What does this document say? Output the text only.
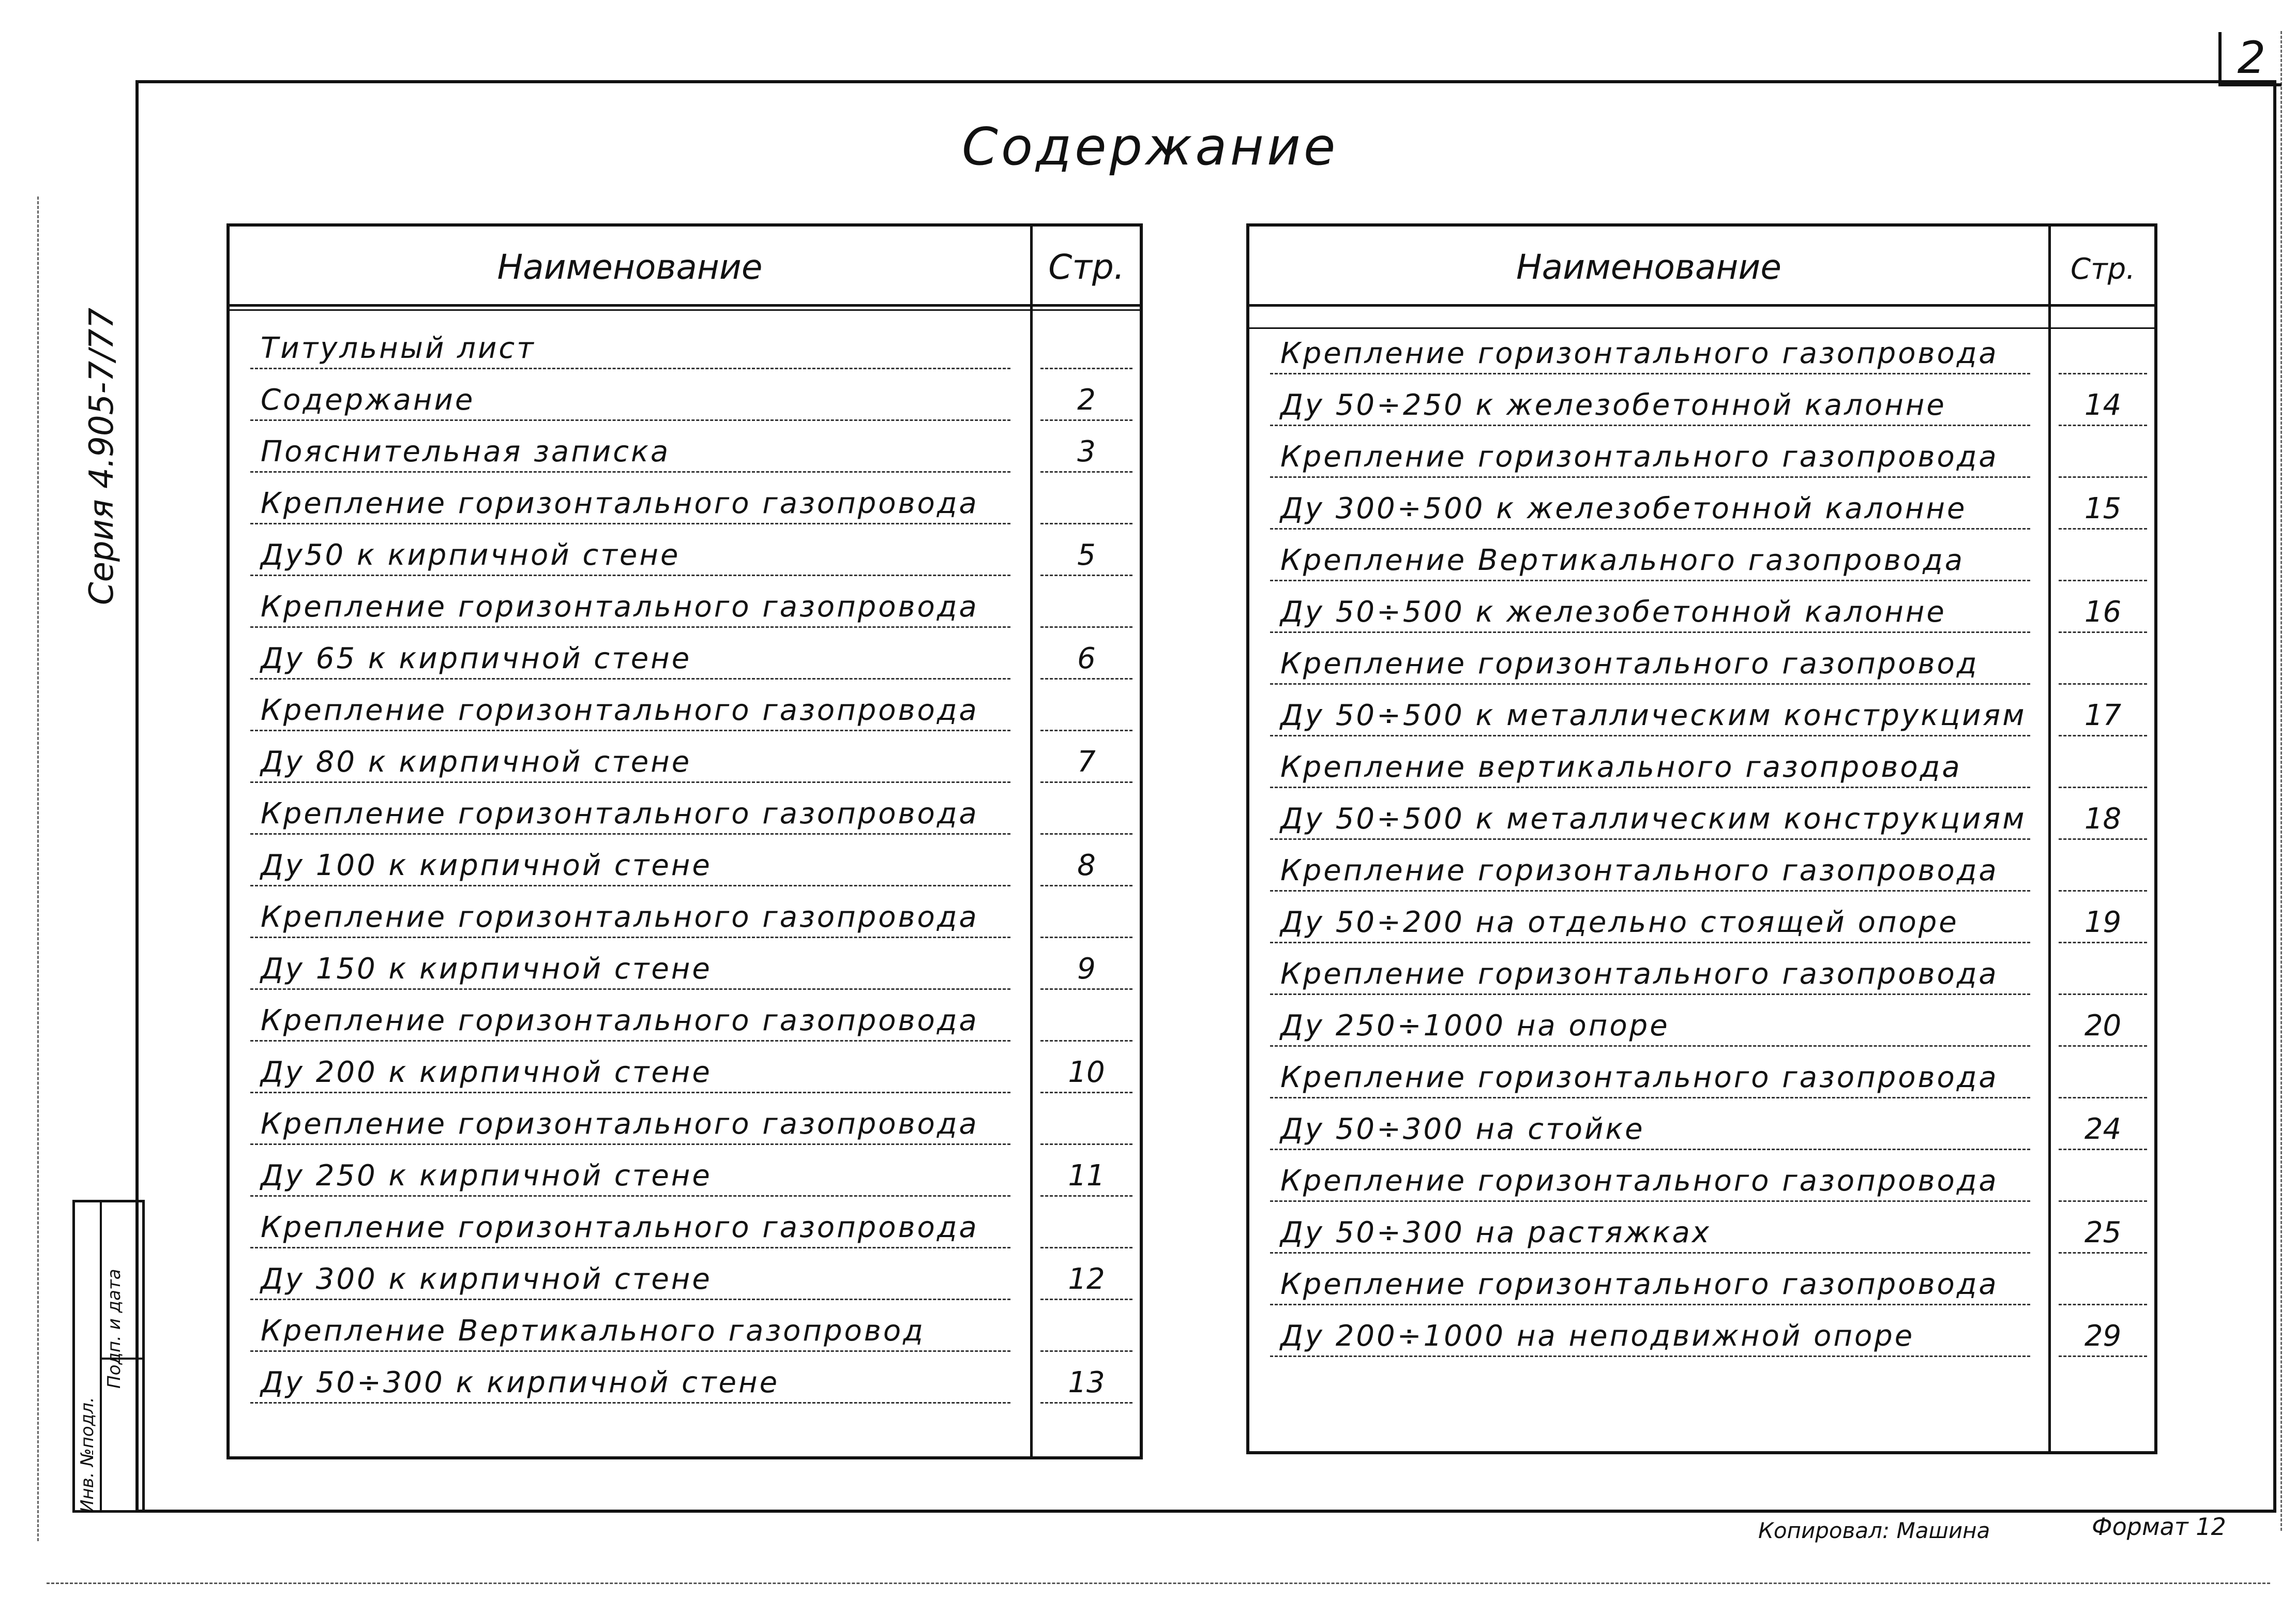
2
Содержание
Серия 4.905-7/77
Инв. №подл.
Подп. и дата
Наименование	Стр.
Титульный лист
Содержание	2
Пояснительная записка	3
Крепление горизонтального газопровода
Ду50 к кирпичной стене	5
Крепление горизонтального газопровода
Ду 65 к кирпичной стене	6
Крепление горизонтального газопровода
Ду 80 к кирпичной стене	7
Крепление горизонтального газопровода
Ду 100 к кирпичной стене	8
Крепление горизонтального газопровода
Ду 150 к кирпичной стене	9
Крепление горизонтального газопровода
Ду 200 к кирпичной стене	10
Крепление горизонтального газопровода
Ду 250 к кирпичной стене	11
Крепление горизонтального газопровода
Ду 300 к кирпичной стене	12
Крепление Вертикального газопровод
Ду 50÷300 к кирпичной стене	13
Наименование	Стр.
Крепление горизонтального газопровода
Ду 50÷250 к железобетонной калонне	14
Крепление горизонтального газопровода
Ду 300÷500 к железобетонной калонне	15
Крепление Вертикального газопровода
Ду 50÷500 к железобетонной калонне	16
Крепление горизонтального газопровод
Ду 50÷500 к металлическим конструкциям	17
Крепление вертикального газопровода
Ду 50÷500 к металлическим конструкциям	18
Крепление горизонтального газопровода
Ду 50÷200 на отдельно стоящей опоре	19
Крепление горизонтального газопровода
Ду 250÷1000 на опоре	20
Крепление горизонтального газопровода
Ду 50÷300 на стойке	24
Крепление горизонтального газопровода
Ду 50÷300 на растяжках	25
Крепление горизонтального газопровода
Ду 200÷1000 на неподвижной опоре	29
Копировал: Машина	Формат 12
